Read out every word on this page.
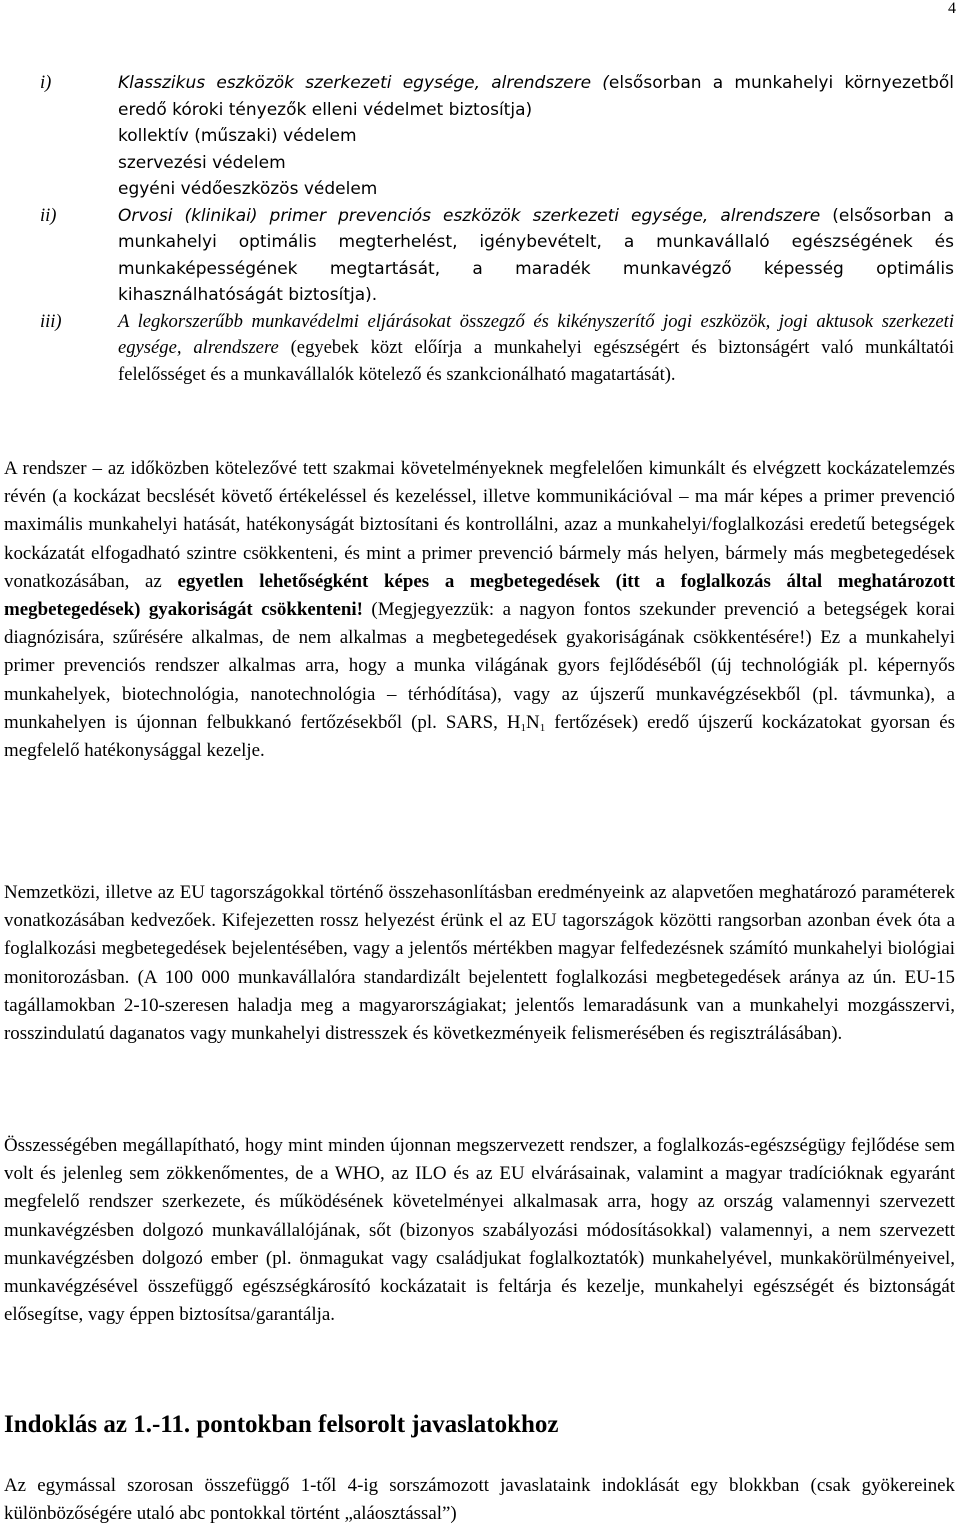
4
i)	Klasszikus eszközök szerkezeti egysége, alrendszere (elsősorban a munkahelyi környezetből eredő kóroki tényezők elleni védelmet biztosítja)
kollektív (műszaki) védelem
szervezési védelem
egyéni védőeszközös védelem
ii)	Orvosi (klinikai) primer prevenciós eszközök szerkezeti egysége, alrendszere (elsősorban a munkahelyi optimális megterhelést, igénybevételt, a munkavállaló egészségének és munkaképességének megtartását, a maradék munkavégző képesség optimális kihasználhatóságát biztosítja).
iii)	A legkorszerűbb munkavédelmi eljárásokat összegző és kikényszerítő jogi eszközök, jogi aktusok szerkezeti egysége, alrendszere (egyebek közt előírja a munkahelyi egészségért és biztonságért való munkáltatói felelősséget és a munkavállalók kötelező és szankcionálható magatartását).

A rendszer – az időközben kötelezővé tett szakmai követelményeknek megfelelően kimunkált és elvégzett kockázatelemzés révén (a kockázat becslését követő értékeléssel és kezeléssel, illetve kommunikációval – ma már képes a primer prevenció maximális munkahelyi hatását, hatékonyságát biztosítani és kontrollálni, azaz a munkahelyi/foglalkozási eredetű betegségek kockázatát elfogadható szintre csökkenteni, és mint a primer prevenció bármely más helyen, bármely más megbetegedések vonatkozásában, az egyetlen lehetőségként képes a megbetegedések (itt a foglalkozás által meghatározott megbetegedések) gyakoriságát csökkenteni! (Megjegyezzük: a nagyon fontos szekunder prevenció a betegségek korai diagnózisára, szűrésére alkalmas, de nem alkalmas a megbetegedések gyakoriságának csökkentésére!) Ez a munkahelyi primer prevenciós rendszer alkalmas arra, hogy a munka világának gyors fejlődéséből (új technológiák pl. képernyős munkahelyek, biotechnológia, nanotechnológia – térhódítása), vagy az újszerű munkavégzésekből (pl. távmunka), a munkahelyen is újonnan felbukkanó fertőzésekből (pl. SARS, $H_1N_1$ fertőzések) eredő újszerű kockázatokat gyorsan és megfelelő hatékonysággal kezelje.

Nemzetközi, illetve az EU tagországokkal történő összehasonlításban eredményeink az alapvetően meghatározó paraméterek vonatkozásában kedvezőek. Kifejezetten rossz helyezést érünk el az EU tagországok közötti rangsorban azonban évek óta a foglalkozási megbetegedések bejelentésében, vagy a jelentős mértékben magyar felfedezésnek számító munkahelyi biológiai monitorozásban. (A 100 000 munkavállalóra standardizált bejelentett foglalkozási megbetegedések aránya az ún. EU-15 tagállamokban 2-10-szeresen haladja meg a magyarországiakat; jelentős lemaradásunk van a munkahelyi mozgásszervi, rosszindulatú daganatos vagy munkahelyi distresszek és következményeik felismerésében és regisztrálásában).

Összességében megállapítható, hogy mint minden újonnan megszervezett rendszer, a foglalkozás-egészségügy fejlődése sem volt és jelenleg sem zökkenőmentes, de a WHO, az ILO és az EU elvárásainak, valamint a magyar tradícióknak egyaránt megfelelő rendszer szerkezete, és működésének követelményei alkalmasak arra, hogy az ország valamennyi szervezett munkavégzésben dolgozó munkavállalójának, sőt (bizonyos szabályozási módosításokkal) valamennyi, a nem szervezett munkavégzésben dolgozó ember (pl. önmagukat vagy családjukat foglalkoztatók) munkahelyével, munkakörülményeivel, munkavégzésével összefüggő egészségkárosító kockázatait is feltárja és kezelje, munkahelyi egészségét és biztonságát elősegítse, vagy éppen biztosítsa/garantálja.

Indoklás az 1.-11. pontokban felsorolt javaslatokhoz

Az egymással szorosan összefüggő 1-től 4-ig sorszámozott javaslataink indoklását egy blokkban (csak gyökereinek különbözőségére utaló abc pontokkal történt „aláosztással”)
